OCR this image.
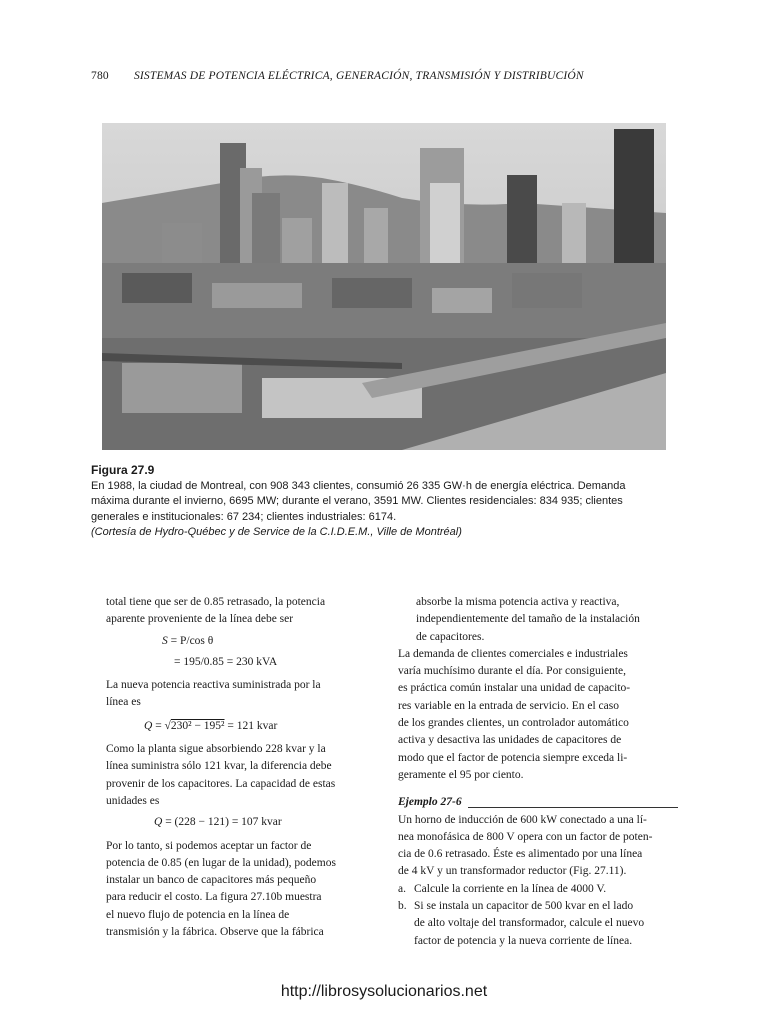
780 SISTEMAS DE POTENCIA ELÉCTRICA, GENERACIÓN, TRANSMISIÓN Y DISTRIBUCIÓN
Figura 27.9
En 1988, la ciudad de Montreal, con 908 343 clientes, consumió 26 335 GW·h de energía eléctrica. Demanda
máxima durante el invierno, 6695 MW; durante el verano, 3591 MW. Clientes residenciales: 834 935; clientes
generales e institucionales: 67 234; clientes industriales: 6174.
(Cortesía de Hydro-Québec y de Service de la C.I.D.E.M., Ville de Montréal)

total tiene que ser de 0.85 retrasado, la potencia

aparente proveniente de la línea debe ser

S = P/cos θ

= 195/0.85 = 230 kVA

La nueva potencia reactiva suministrada por la

línea es

Q = √230² − 195² = 121 kvar

Como la planta sigue absorbiendo 228 kvar y la

línea suministra sólo 121 kvar, la diferencia debe

provenir de los capacitores. La capacidad de estas

unidades es

Q = (228 − 121) = 107 kvar

Por lo tanto, si podemos aceptar un factor de

potencia de 0.85 (en lugar de la unidad), podemos

instalar un banco de capacitores más pequeño

para reducir el costo. La figura 27.10b muestra

el nuevo flujo de potencia en la línea de

transmisión y la fábrica. Observe que la fábrica

absorbe la misma potencia activa y reactiva,

independientemente del tamaño de la instalación

de capacitores.

La demanda de clientes comerciales e industriales

varía muchísimo durante el día. Por consiguiente,

es práctica común instalar una unidad de capacito-

res variable en la entrada de servicio. En el caso

de los grandes clientes, un controlador automático

activa y desactiva las unidades de capacitores de

modo que el factor de potencia siempre exceda li-

geramente el 95 por ciento.

Ejemplo 27-6

Un horno de inducción de 600 kW conectado a una lí-

nea monofásica de 800 V opera con un factor de poten-

cia de 0.6 retrasado. Éste es alimentado por una línea

de 4 kV y un transformador reductor (Fig. 27.11).

a. Calcule la corriente en la línea de 4000 V.
b. Si se instala un capacitor de 500 kvar en el lado
de alto voltaje del transformador, calcule el nuevo
factor de potencia y la nueva corriente de línea.
http://librosysolucionarios.net
